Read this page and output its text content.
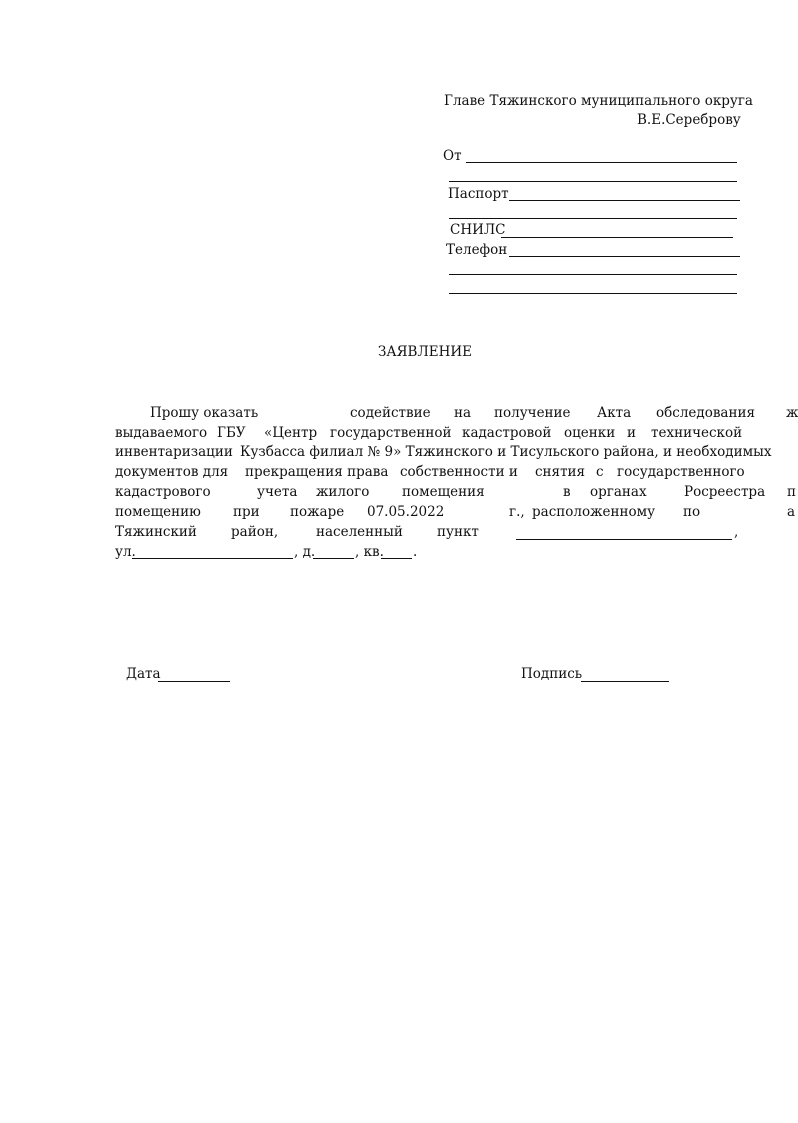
Главе Тяжинского муниципального округа
В.Е.Сереброву
От
Паспорт
СНИЛС
Телефон
ЗАЯВЛЕНИЕ
Прошу оказать	содействие на получение Акта обследования ж
выдаваемого ГБУ «Центр государственной кадастровой оценки и технической
инвентаризации Кузбасса филиал № 9» Тяжинского и Тисульского района, и необходимых
документов для прекращения права собственности и снятия с государственного
кадастрового	учета жилого помещения	в органах	Росреестра п
помещению при пожаре 07.05.2022	г., расположенному по	а
Тяжинский	район,	населенный	пункт	,
ул.	, д.	, кв. .
Дата	Подпись
